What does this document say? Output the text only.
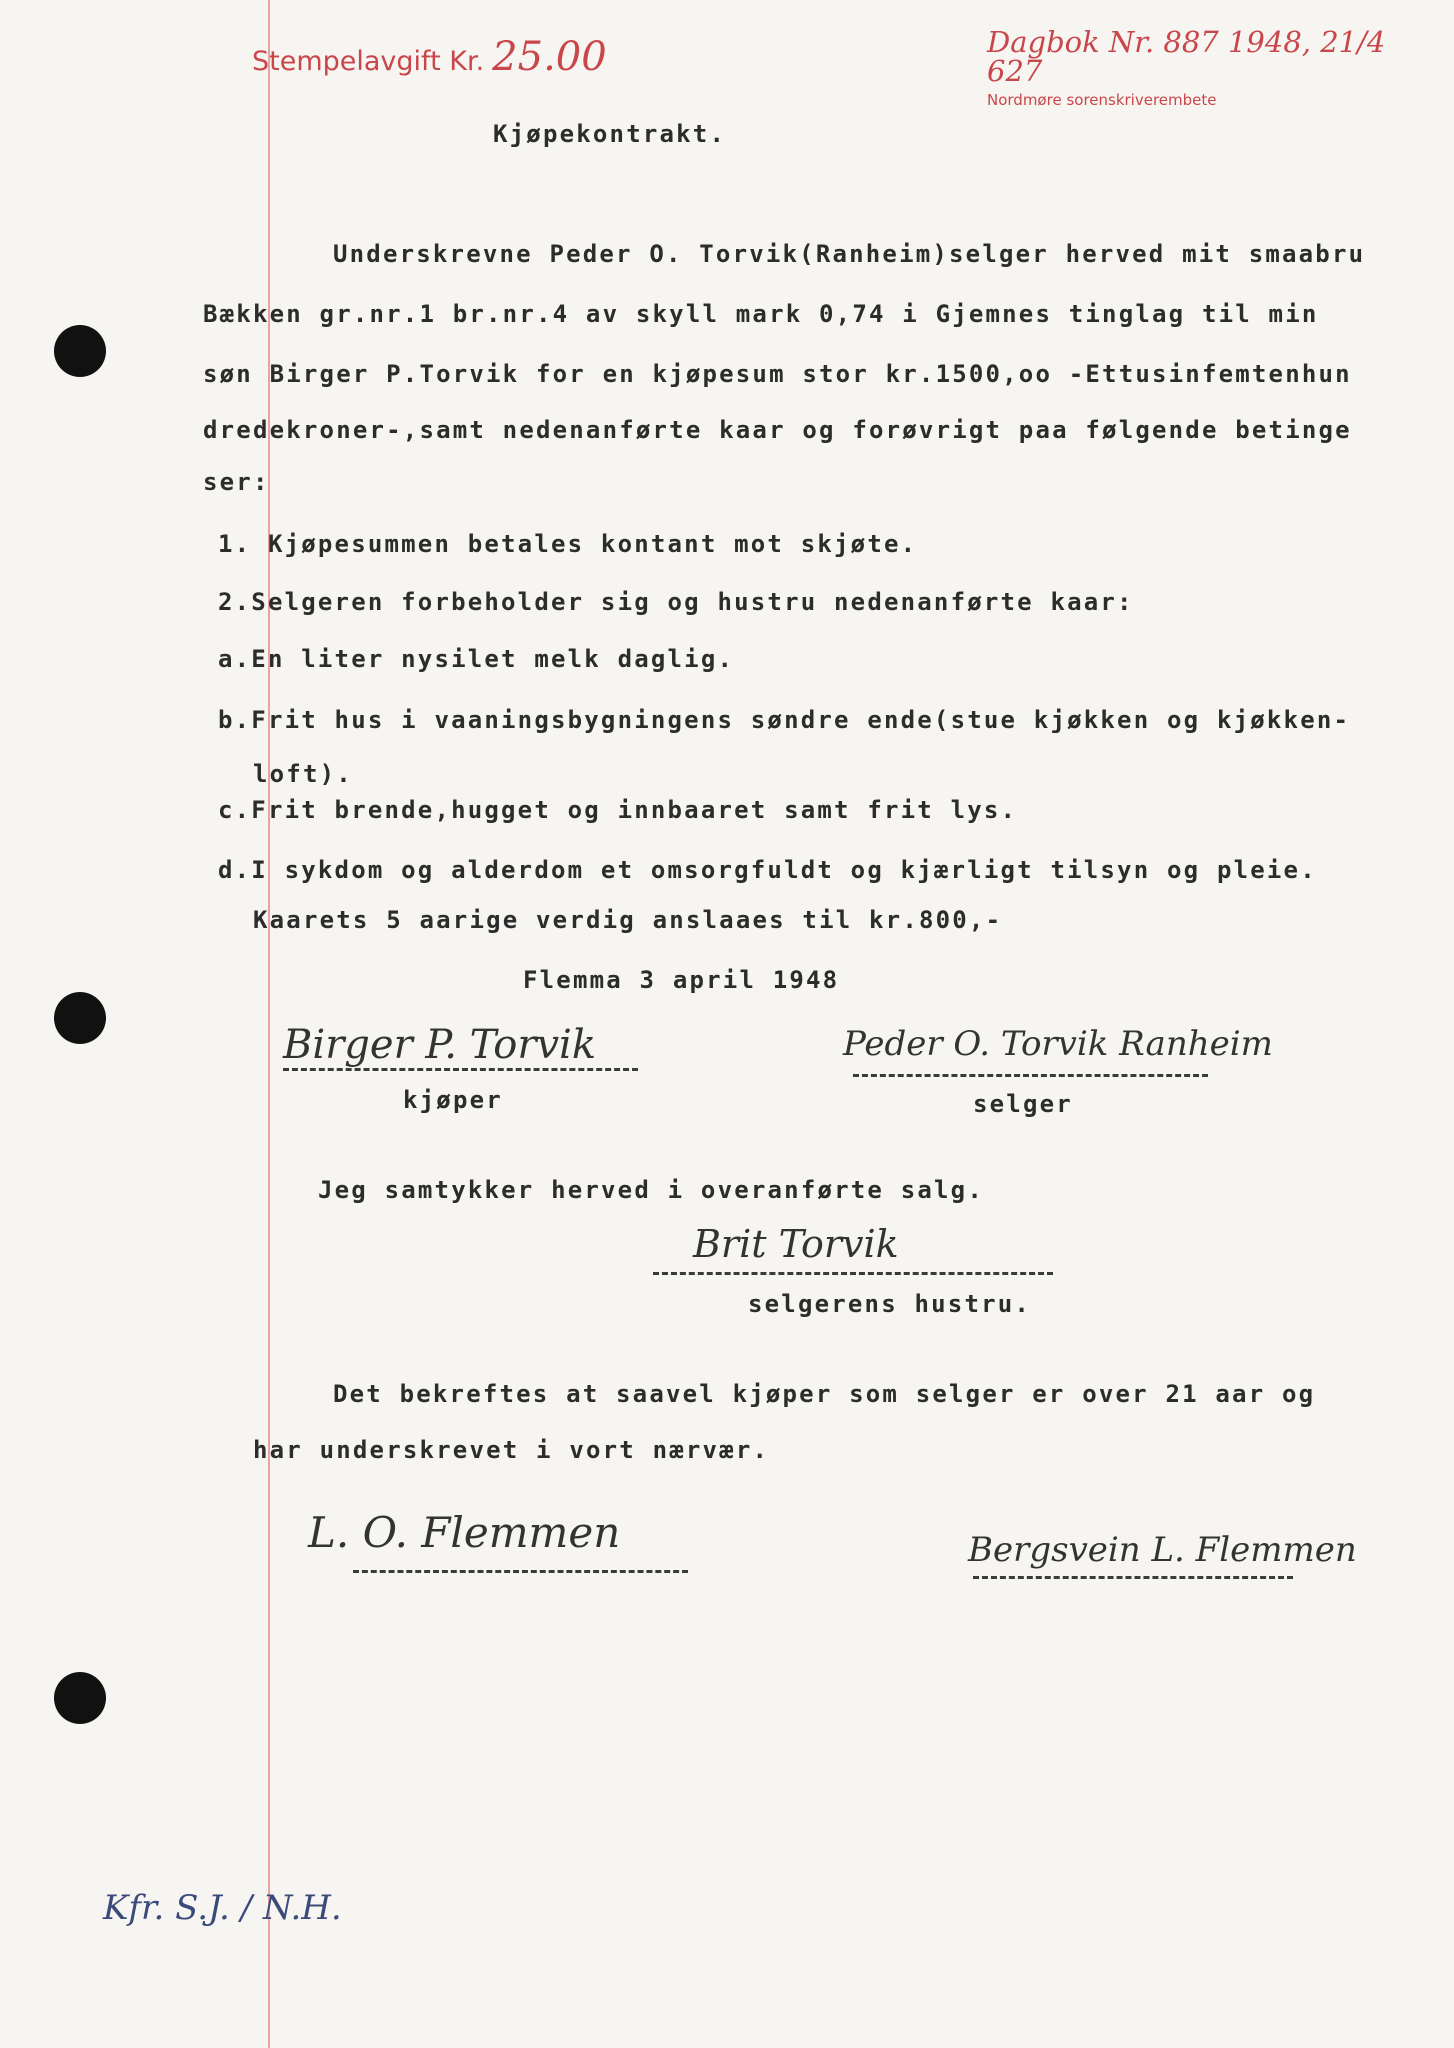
Stempelavgift Kr. 25.00	Dagbok Nr. 887 1948, 21/4 627
Nordmøre sorenskriverembete
Kjøpekontrakt.
Underskrevne Peder O. Torvik(Ranheim)selger herved mit smaabru
Bækken gr.nr.1 br.nr.4 av skyll mark 0,74 i Gjemnes tinglag til min
søn Birger P.Torvik for en kjøpesum stor kr.1500,oo -Ettusinfemtenhun
dredekroner-,samt nedenanførte kaar og forøvrigt paa følgende betinge
ser:
1. Kjøpesummen betales kontant mot skjøte.
2.Selgeren forbeholder sig og hustru nedenanførte kaar:
a.En liter nysilet melk daglig.
b.Frit hus i vaaningsbygningens søndre ende(stue kjøkken og kjøkken-
loft).
c.Frit brende,hugget og innbaaret samt frit lys.
d.I sykdom og alderdom et omsorgfuldt og kjærligt tilsyn og pleie.
Kaarets 5 aarige verdig anslaaes til kr.800,-
Flemma 3 april 1948
Birger P. Torvik
kjøper
Peder O. Torvik Ranheim
selger
Jeg samtykker herved i overanførte salg.
Brit Torvik
selgerens hustru.
Det bekreftes at saavel kjøper som selger er over 21 aar og
har underskrevet i vort nærvær.
L. O. Flemmen	Bergsvein L. Flemmen
Kfr. S.J. / N.H.
